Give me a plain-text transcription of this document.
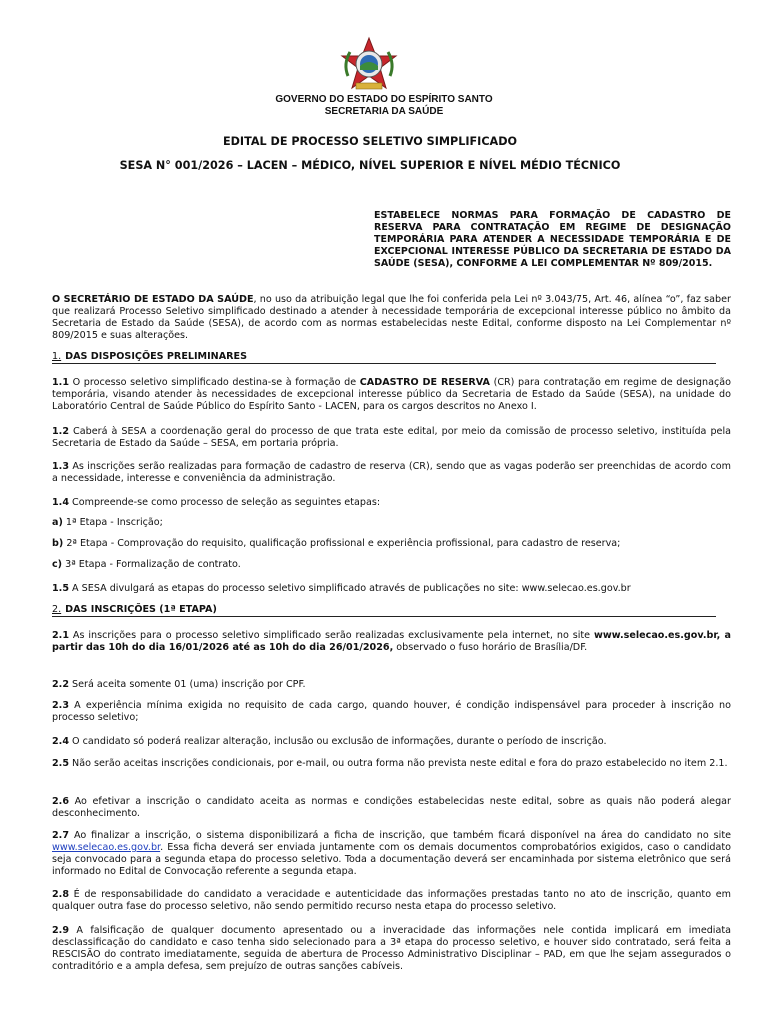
GOVERNO DO ESTADO DO ESPÍRITO SANTO
SECRETARIA DA SAÚDE
EDITAL DE PROCESSO SELETIVO SIMPLIFICADO
SESA N° 001/2026 – LACEN – MÉDICO, NÍVEL SUPERIOR E NÍVEL MÉDIO TÉCNICO
ESTABELECE NORMAS PARA FORMAÇÃO DE CADASTRO DE RESERVA PARA CONTRATAÇÃO EM REGIME DE DESIGNAÇÃO TEMPORÁRIA PARA ATENDER A NECESSIDADE TEMPORÁRIA E DE EXCEPCIONAL INTERESSE PÚBLICO DA SECRETARIA DE ESTADO DA SAÚDE (SESA), CONFORME A LEI COMPLEMENTAR Nº 809/2015.
O SECRETÁRIO DE ESTADO DA SAÚDE, no uso da atribuição legal que lhe foi conferida pela Lei nº 3.043/75, Art. 46, alínea “o”, faz saber que realizará Processo Seletivo simplificado destinado a atender à necessidade temporária de excepcional interesse público no âmbito da Secretaria de Estado da Saúde (SESA), de acordo com as normas estabelecidas neste Edital, conforme disposto na Lei Complementar nº 809/2015 e suas alterações.
1. DAS DISPOSIÇÕES PRELIMINARES
1.1 O processo seletivo simplificado destina-se à formação de CADASTRO DE RESERVA (CR) para contratação em regime de designação temporária, visando atender às necessidades de excepcional interesse público da Secretaria de Estado da Saúde (SESA), na unidade do Laboratório Central de Saúde Público do Espírito Santo - LACEN, para os cargos descritos no Anexo I.
1.2 Caberá à SESA a coordenação geral do processo de que trata este edital, por meio da comissão de processo seletivo, instituída pela Secretaria de Estado da Saúde – SESA, em portaria própria.
1.3 As inscrições serão realizadas para formação de cadastro de reserva (CR), sendo que as vagas poderão ser preenchidas de acordo com a necessidade, interesse e conveniência da administração.
1.4 Compreende-se como processo de seleção as seguintes etapas:
a) 1ª Etapa - Inscrição;
b) 2ª Etapa - Comprovação do requisito, qualificação profissional e experiência profissional, para cadastro de reserva;
c) 3ª Etapa - Formalização de contrato.
1.5 A SESA divulgará as etapas do processo seletivo simplificado através de publicações no site: www.selecao.es.gov.br
2. DAS INSCRIÇÕES (1ª ETAPA)
2.1 As inscrições para o processo seletivo simplificado serão realizadas exclusivamente pela internet, no site www.selecao.es.gov.br, a partir das 10h do dia 16/01/2026 até as 10h do dia 26/01/2026, observado o fuso horário de Brasília/DF.
2.2 Será aceita somente 01 (uma) inscrição por CPF.
2.3 A experiência mínima exigida no requisito de cada cargo, quando houver, é condição indispensável para proceder à inscrição no processo seletivo;
2.4 O candidato só poderá realizar alteração, inclusão ou exclusão de informações, durante o período de inscrição.
2.5 Não serão aceitas inscrições condicionais, por e-mail, ou outra forma não prevista neste edital e fora do prazo estabelecido no item 2.1.
2.6 Ao efetivar a inscrição o candidato aceita as normas e condições estabelecidas neste edital, sobre as quais não poderá alegar desconhecimento.
2.7 Ao finalizar a inscrição, o sistema disponibilizará a ficha de inscrição, que também ficará disponível na área do candidato no site www.selecao.es.gov.br. Essa ficha deverá ser enviada juntamente com os demais documentos comprobatórios exigidos, caso o candidato seja convocado para a segunda etapa do processo seletivo. Toda a documentação deverá ser encaminhada por sistema eletrônico que será informado no Edital de Convocação referente a segunda etapa.
2.8 É de responsabilidade do candidato a veracidade e autenticidade das informações prestadas tanto no ato de inscrição, quanto em qualquer outra fase do processo seletivo, não sendo permitido recurso nesta etapa do processo seletivo.
2.9 A falsificação de qualquer documento apresentado ou a inveracidade das informações nele contida implicará em imediata desclassificação do candidato e caso tenha sido selecionado para a 3ª etapa do processo seletivo, e houver sido contratado, será feita a RESCISÃO do contrato imediatamente, seguida de abertura de Processo Administrativo Disciplinar – PAD, em que lhe sejam assegurados o contraditório e a ampla defesa, sem prejuízo de outras sanções cabíveis.
